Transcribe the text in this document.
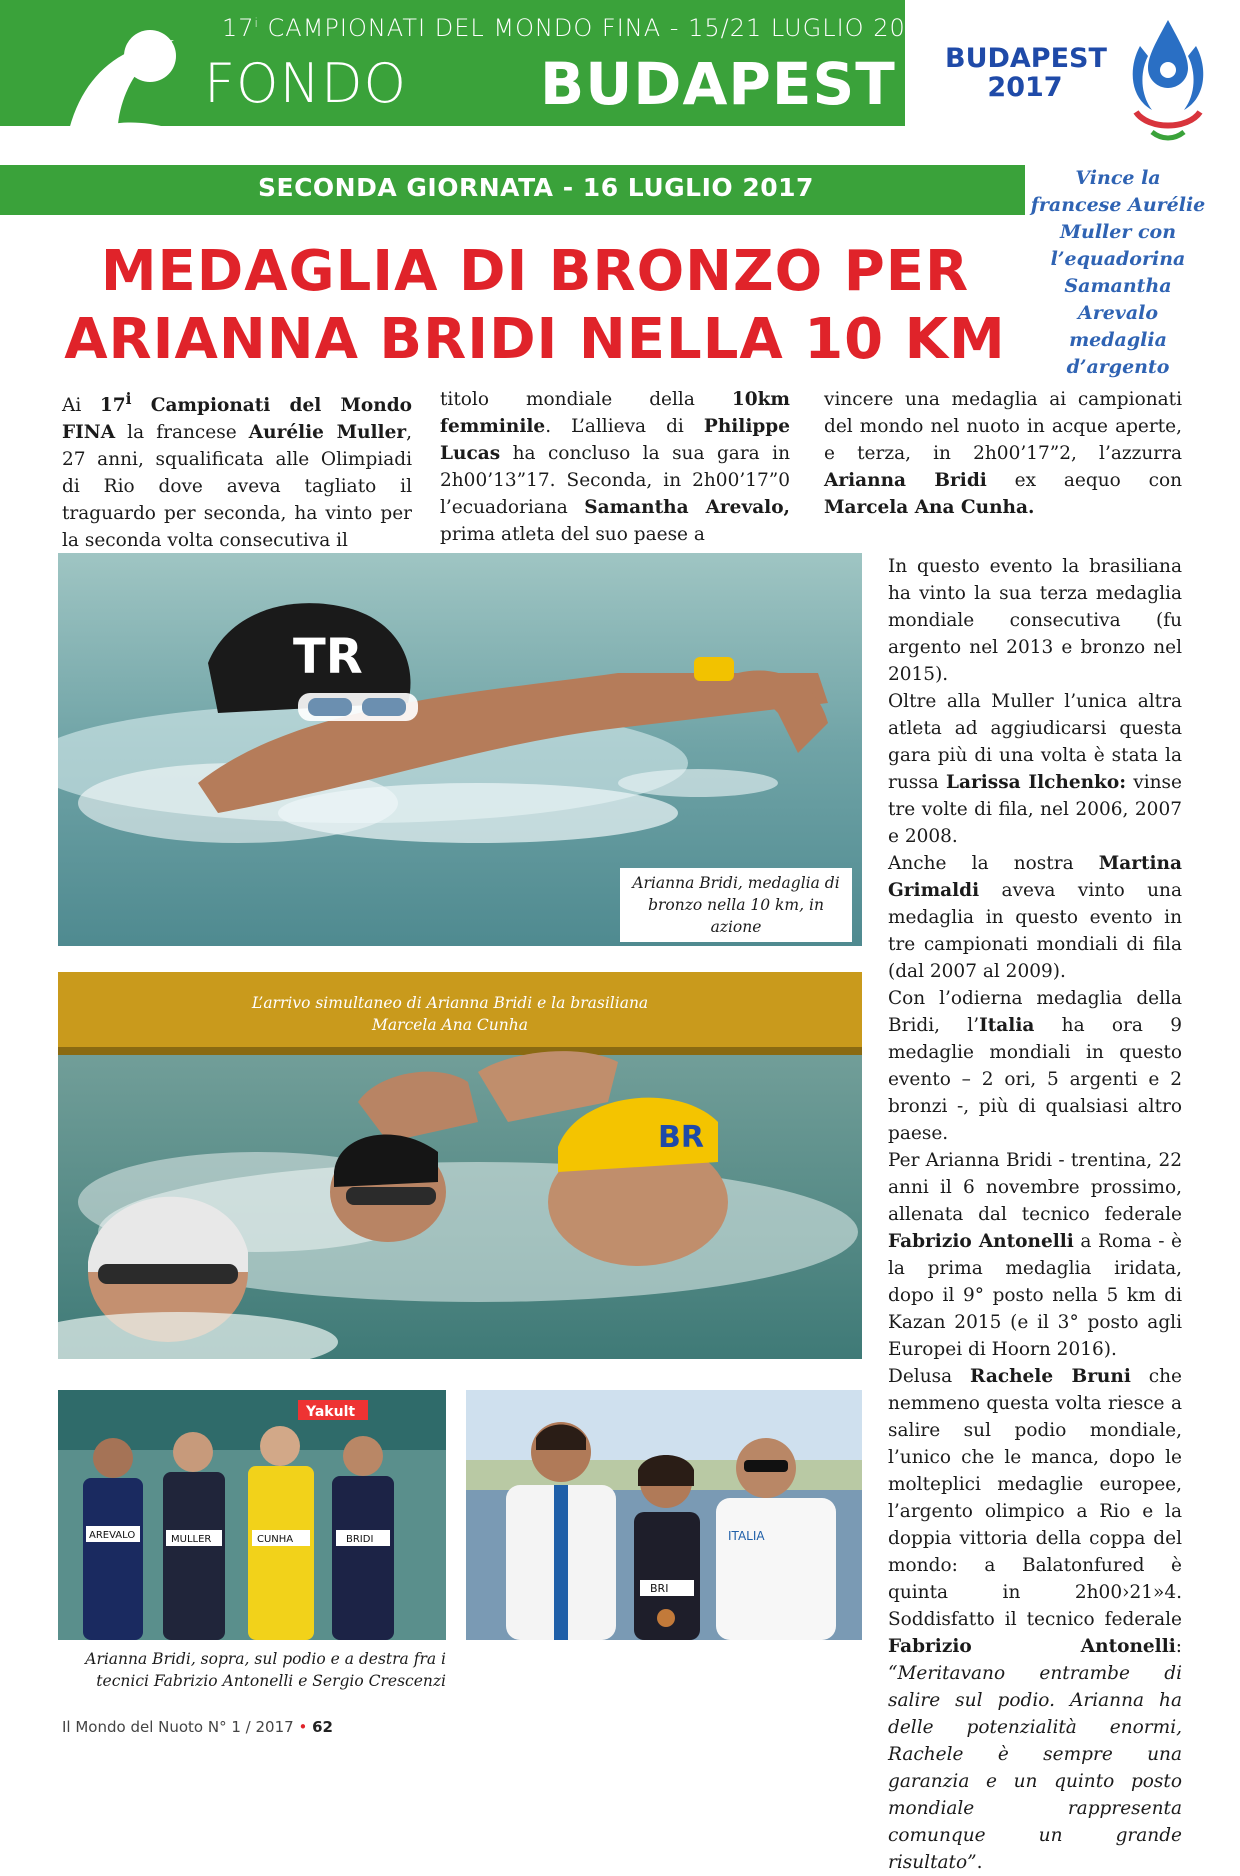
17$^i$ CAMPIONATI DEL MONDO FINA - 15/21 LUGLIO 2017
FONDO BUDAPEST BUDAPEST
2017
SECONDA GIORNATA - 16 LUGLIO 2017	Vince la francese Aurélie Muller con l’equadorina Samantha Arevalo medaglia d’argento
MEDAGLIA DI BRONZO PER
ARIANNA BRIDI NELLA 10 KM
Ai 17$^i$ Campionati del Mondo FINA la francese Aurélie Muller, 27 anni, squalificata alle Olimpiadi di Rio dove aveva tagliato il traguardo per seconda, ha vinto per la seconda volta consecutiva il
titolo mondiale della 10km femminile. L’allieva di Philippe Lucas ha concluso la sua gara in 2h00’13”17. Seconda, in 2h00’17”0 l’ecuadoriana Samantha Arevalo, prima atleta del suo paese a
vincere una medaglia ai campionati del mondo nel nuoto in acque aperte, e terza, in 2h00’17”2, l’azzurra Arianna Bridi ex aequo con Marcela Ana Cunha.
TR
Arianna Bridi, medaglia di bronzo nella 10 km, in azione
BR
L’arrivo simultaneo di Arianna Bridi e la brasiliana Marcela Ana Cunha
Yakult
AREVALO	MULLER	CUNHA	BRIDI
BRI
ITALIA
Arianna Bridi, sopra, sul podio e a destra fra i tecnici Fabrizio Antonelli e Sergio Crescenzi

In questo evento la brasiliana ha vinto la sua terza medaglia mondiale consecutiva (fu argento nel 2013 e bronzo nel 2015).

Oltre alla Muller l’unica altra atleta ad aggiudicarsi questa gara più di una volta è stata la russa Larissa Ilchenko: vinse tre volte di fila, nel 2006, 2007 e 2008.

Anche la nostra Martina Grimaldi aveva vinto una medaglia in questo evento in tre campionati mondiali di fila (dal 2007 al 2009).

Con l’odierna medaglia della Bridi, l’Italia ha ora 9 medaglie mondiali in questo evento – 2 ori, 5 argenti e 2 bronzi -, più di qualsiasi altro paese.

Per Arianna Bridi - trentina, 22 anni il 6 novembre prossimo, allenata dal tecnico federale Fabrizio Antonelli a Roma - è la prima medaglia iridata, dopo il 9° posto nella 5 km di Kazan 2015 (e il 3° posto agli Europei di Hoorn 2016).

Delusa Rachele Bruni che nemmeno questa volta riesce a salire sul podio mondiale, l’unico che le manca, dopo le molteplici medaglie europee, l’argento olimpico a Rio e la doppia vittoria della coppa del mondo: a Balatonfured è quinta in 2h00›21»4. Soddisfatto il tecnico federale Fabrizio Antonelli: “Meritavano entrambe di salire sul podio. Arianna ha delle potenzialità enormi, Rachele è sempre una garanzia e un quinto posto mondiale rappresenta comunque un grande risultato”.

Il Mondo del Nuoto N° 1 / 2017 • 62
